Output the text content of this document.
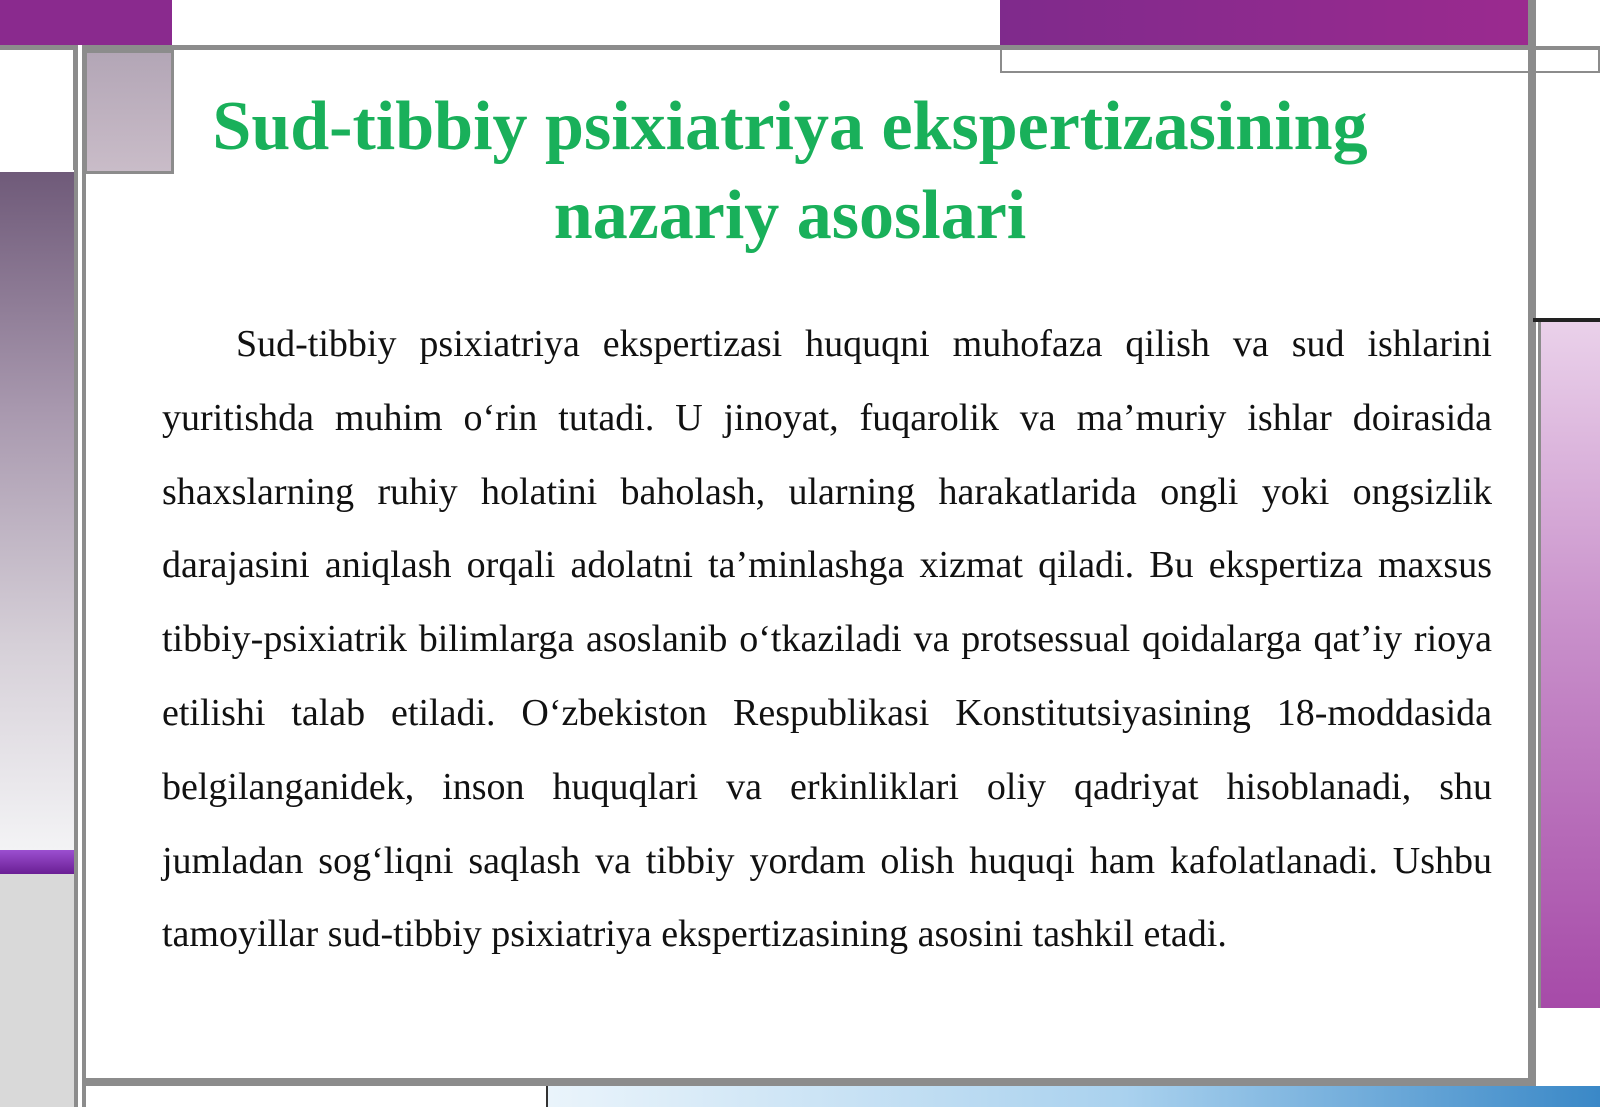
Sud-tibbiy psixiatriya ekspertizasining nazariy asoslari

Sud-tibbiy psixiatriya ekspertizasi huquqni muhofaza qilish va sud ishlarini yuritishda muhim o‘rin tutadi. U jinoyat, fuqarolik va ma’muriy ishlar doirasida shaxslarning ruhiy holatini baholash, ularning harakatlarida ongli yoki ongsizlik darajasini aniqlash orqali adolatni ta’minlashga xizmat qiladi. Bu ekspertiza maxsus tibbiy-psixiatrik bilimlarga asoslanib o‘tkaziladi va protsessual qoidalarga qat’iy rioya etilishi talab etiladi. O‘zbekiston Respublikasi Konstitutsiyasining 18-moddasida belgilanganidek, inson huquqlari va erkinliklari oliy qadriyat hisoblanadi, shu jumladan sog‘liqni saqlash va tibbiy yordam olish huquqi ham kafolatlanadi. Ushbu tamoyillar sud-tibbiy psixiatriya ekspertizasining asosini tashkil etadi.
